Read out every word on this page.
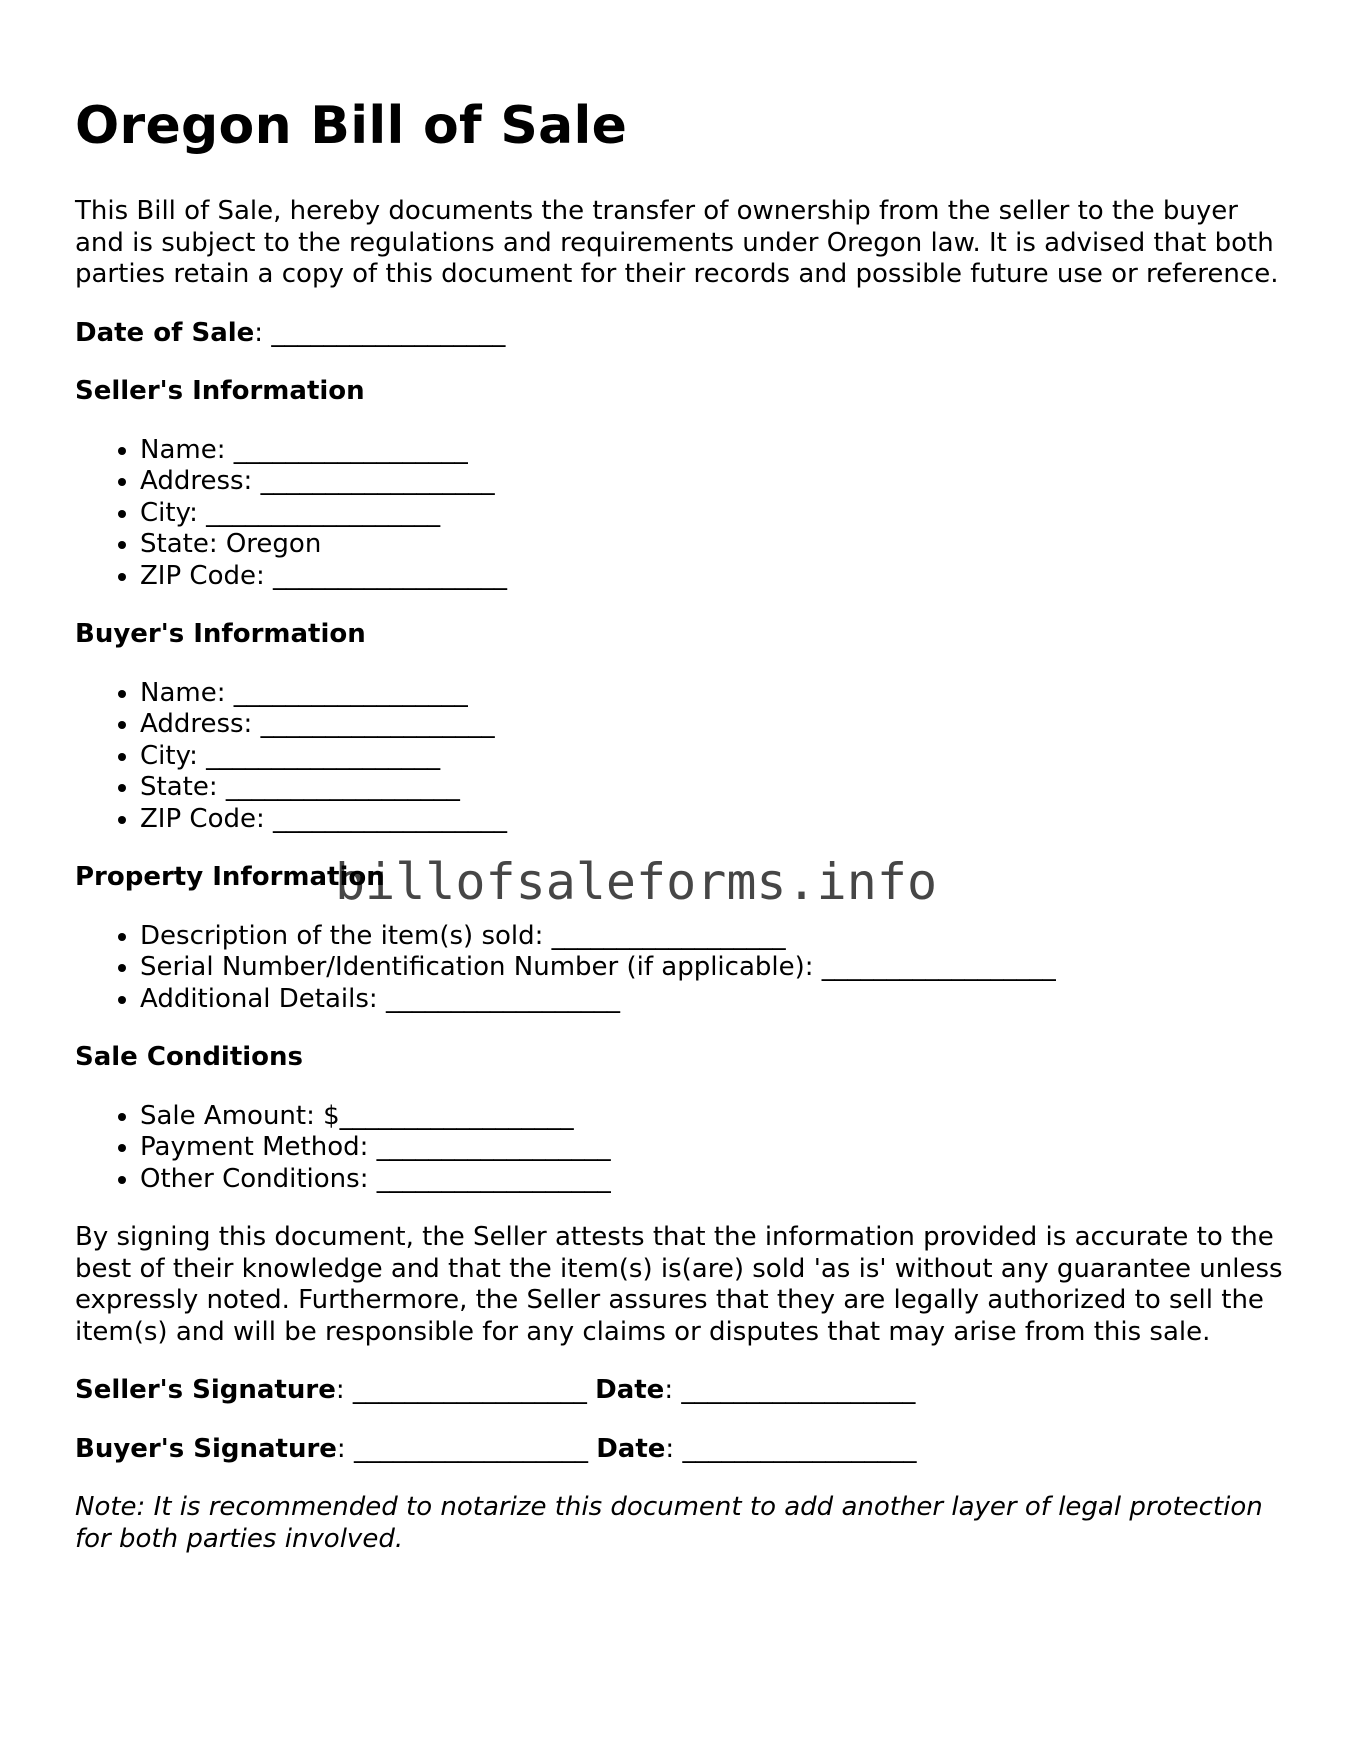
Oregon Bill of Sale

This Bill of Sale, hereby documents the transfer of ownership from the seller to the buyer and is subject to the regulations and requirements under Oregon law. It is advised that both parties retain a copy of this document for their records and possible future use or reference.

Date of Sale: __________________

Seller's Information

• Name: __________________
• Address: __________________
• City: __________________
• State: Oregon
• ZIP Code: __________________

Buyer's Information

• Name: __________________
• Address: __________________
• City: __________________
• State: __________________
• ZIP Code: __________________

Property Information

• Description of the item(s) sold: __________________
• Serial Number/Identification Number (if applicable): __________________
• Additional Details: __________________

Sale Conditions

• Sale Amount: $__________________
• Payment Method: __________________
• Other Conditions: __________________

By signing this document, the Seller attests that the information provided is accurate to the best of their knowledge and that the item(s) is(are) sold 'as is' without any guarantee unless expressly noted. Furthermore, the Seller assures that they are legally authorized to sell the item(s) and will be responsible for any claims or disputes that may arise from this sale.

Seller's Signature: __________________ Date: __________________

Buyer's Signature: __________________ Date: __________________

Note: It is recommended to notarize this document to add another layer of legal protection for both parties involved.

billofsaleforms.info
